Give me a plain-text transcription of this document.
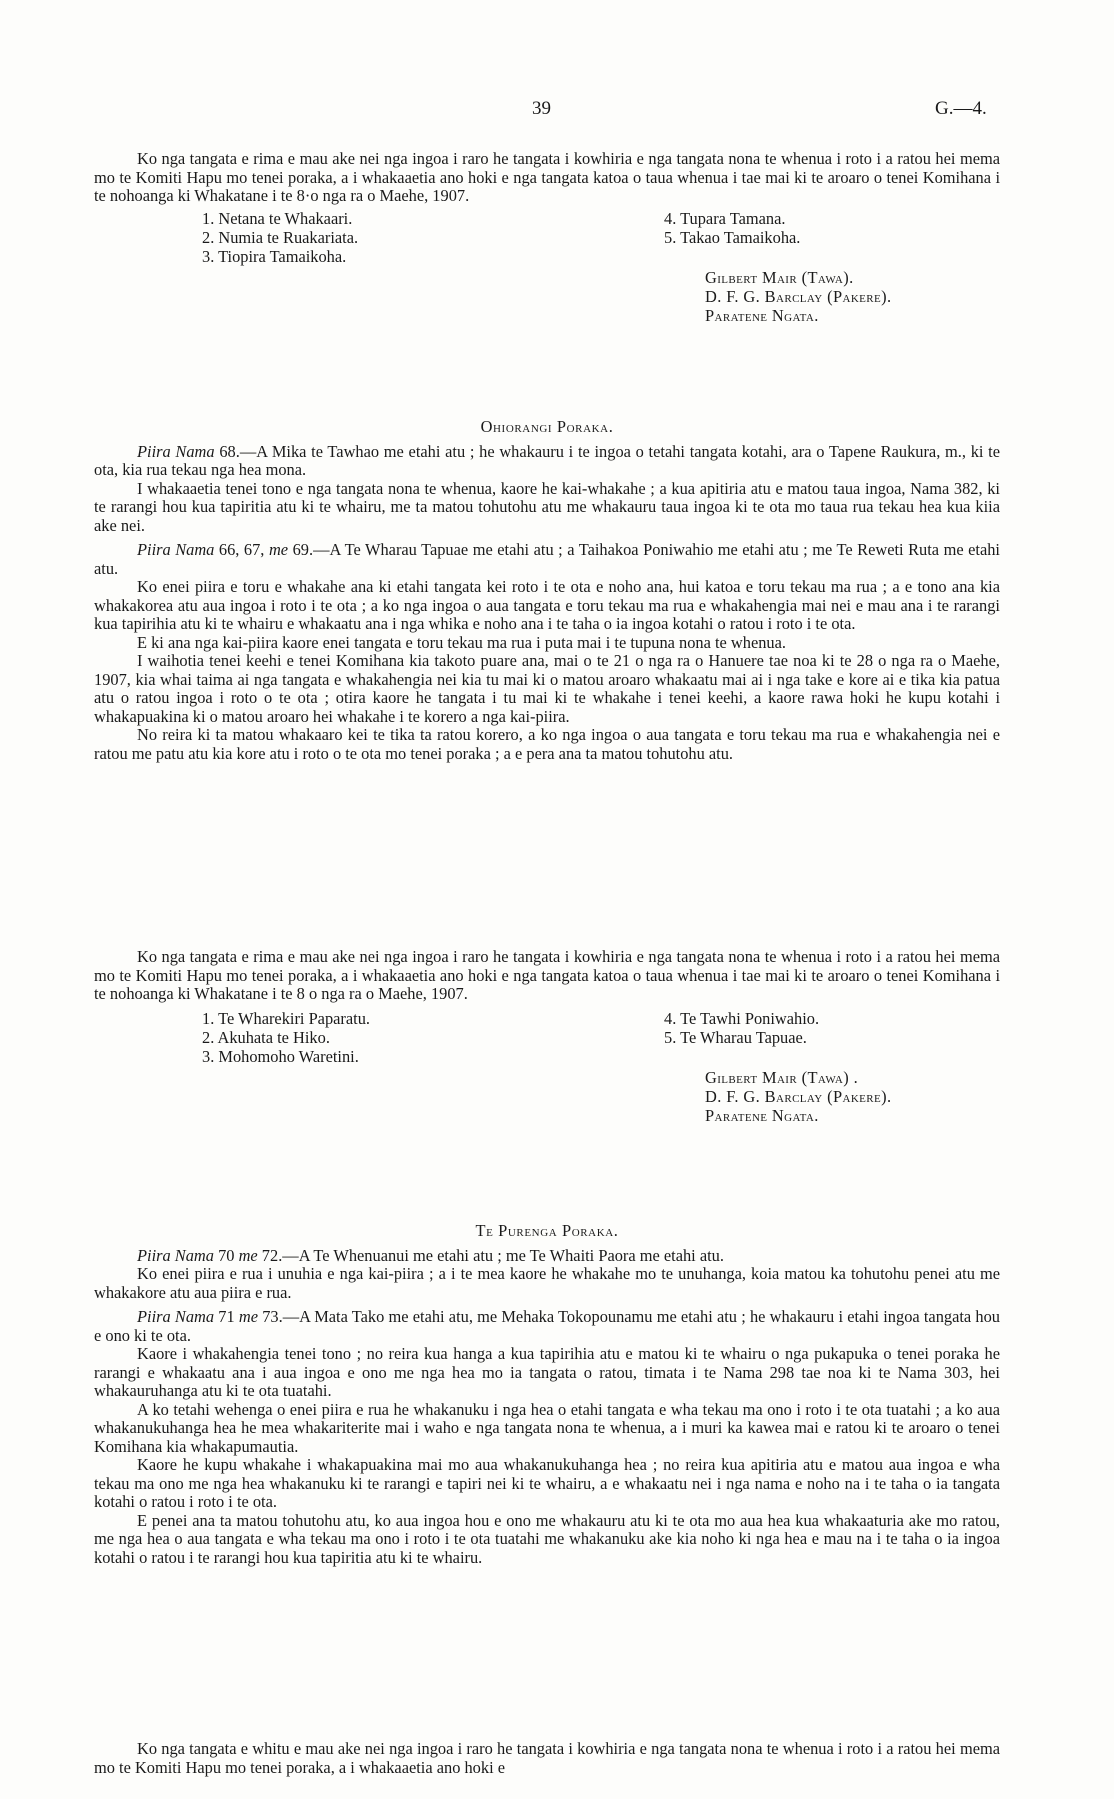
39	G.—4.

Ko nga tangata e rima e mau ake nei nga ingoa i raro he tangata i kowhiria e nga tangata nona te whenua i roto i a ratou hei mema mo te Komiti Hapu mo tenei poraka, a i whakaaetia ano hoki e nga tangata katoa o taua whenua i tae mai ki te aroaro o tenei Komihana i te nohoanga ki Whakatane i te 8·o nga ra o Maehe, 1907.

1. Netana te Whakaari.
2. Numia te Ruakariata.
3. Tiopira Tamaikoha.
4. Tupara Tamana.
5. Takao Tamaikoha.
Gilbert Mair (Tawa).
D. F. G. Barclay (Pakere).
Paratene Ngata.
Ohiorangi Poraka.

Piira Nama 68.—A Mika te Tawhao me etahi atu ; he whakauru i te ingoa o tetahi tangata kotahi, ara o Tapene Raukura, m., ki te ota, kia rua tekau nga hea mona.

I whakaaetia tenei tono e nga tangata nona te whenua, kaore he kai-whakahe ; a kua apitiria atu e matou taua ingoa, Nama 382, ki te rarangi hou kua tapiritia atu ki te whairu, me ta matou tohutohu atu me whakauru taua ingoa ki te ota mo taua rua tekau hea kua kiia ake nei.

Piira Nama 66, 67, me 69.—A Te Wharau Tapuae me etahi atu ; a Taihakoa Poniwahio me etahi atu ; me Te Reweti Ruta me etahi atu.

Ko enei piira e toru e whakahe ana ki etahi tangata kei roto i te ota e noho ana, hui katoa e toru tekau ma rua ; a e tono ana kia whakakorea atu aua ingoa i roto i te ota ; a ko nga ingoa o aua tangata e toru tekau ma rua e whakahengia mai nei e mau ana i te rarangi kua tapirihia atu ki te whairu e whakaatu ana i nga whika e noho ana i te taha o ia ingoa kotahi o ratou i roto i te ota.

E ki ana nga kai-piira kaore enei tangata e toru tekau ma rua i puta mai i te tupuna nona te whenua.

I waihotia tenei keehi e tenei Komihana kia takoto puare ana, mai o te 21 o nga ra o Hanuere tae noa ki te 28 o nga ra o Maehe, 1907, kia whai taima ai nga tangata e whakahengia nei kia tu mai ki o matou aroaro whakaatu mai ai i nga take e kore ai e tika kia patua atu o ratou ingoa i roto o te ota ; otira kaore he tangata i tu mai ki te whakahe i tenei keehi, a kaore rawa hoki he kupu kotahi i whakapuakina ki o matou aroaro hei whakahe i te korero a nga kai-piira.

No reira ki ta matou whakaaro kei te tika ta ratou korero, a ko nga ingoa o aua tangata e toru tekau ma rua e whakahengia nei e ratou me patu atu kia kore atu i roto o te ota mo tenei poraka ; a e pera ana ta matou tohutohu atu.

Ko nga tangata e rima e mau ake nei nga ingoa i raro he tangata i kowhiria e nga tangata nona te whenua i roto i a ratou hei mema mo te Komiti Hapu mo tenei poraka, a i whakaaetia ano hoki e nga tangata katoa o taua whenua i tae mai ki te aroaro o tenei Komihana i te nohoanga ki Whakatane i te 8 o nga ra o Maehe, 1907.

1. Te Wharekiri Paparatu.
2. Akuhata te Hiko.
3. Mohomoho Waretini.
4. Te Tawhi Poniwahio.
5. Te Wharau Tapuae.
Gilbert Mair (Tawa) .
D. F. G. Barclay (Pakere).
Paratene Ngata.
Te Purenga Poraka.

Piira Nama 70 me 72.—A Te Whenuanui me etahi atu ; me Te Whaiti Paora me etahi atu.

Ko enei piira e rua i unuhia e nga kai-piira ; a i te mea kaore he whakahe mo te unuhanga, koia matou ka tohutohu penei atu me whakakore atu aua piira e rua.

Piira Nama 71 me 73.—A Mata Tako me etahi atu, me Mehaka Tokopounamu me etahi atu ; he whakauru i etahi ingoa tangata hou e ono ki te ota.

Kaore i whakahengia tenei tono ; no reira kua hanga a kua tapirihia atu e matou ki te whairu o nga pukapuka o tenei poraka he rarangi e whakaatu ana i aua ingoa e ono me nga hea mo ia tangata o ratou, timata i te Nama 298 tae noa ki te Nama 303, hei whakauruhanga atu ki te ota tuatahi.

A ko tetahi wehenga o enei piira e rua he whakanuku i nga hea o etahi tangata e wha tekau ma ono i roto i te ota tuatahi ; a ko aua whakanukuhanga hea he mea whakariterite mai i waho e nga tangata nona te whenua, a i muri ka kawea mai e ratou ki te aroaro o tenei Komihana kia whakapumautia.

Kaore he kupu whakahe i whakapuakina mai mo aua whakanukuhanga hea ; no reira kua apitiria atu e matou aua ingoa e wha tekau ma ono me nga hea whakanuku ki te rarangi e tapiri nei ki te whairu, a e whakaatu nei i nga nama e noho na i te taha o ia tangata kotahi o ratou i roto i te ota.

E penei ana ta matou tohutohu atu, ko aua ingoa hou e ono me whakauru atu ki te ota mo aua hea kua whakaaturia ake mo ratou, me nga hea o aua tangata e wha tekau ma ono i roto i te ota tuatahi me whakanuku ake kia noho ki nga hea e mau na i te taha o ia ingoa kotahi o ratou i te rarangi hou kua tapiritia atu ki te whairu.

Ko nga tangata e whitu e mau ake nei nga ingoa i raro he tangata i kowhiria e nga tangata nona te whenua i roto i a ratou hei mema mo te Komiti Hapu mo tenei poraka, a i whakaaetia ano hoki e
